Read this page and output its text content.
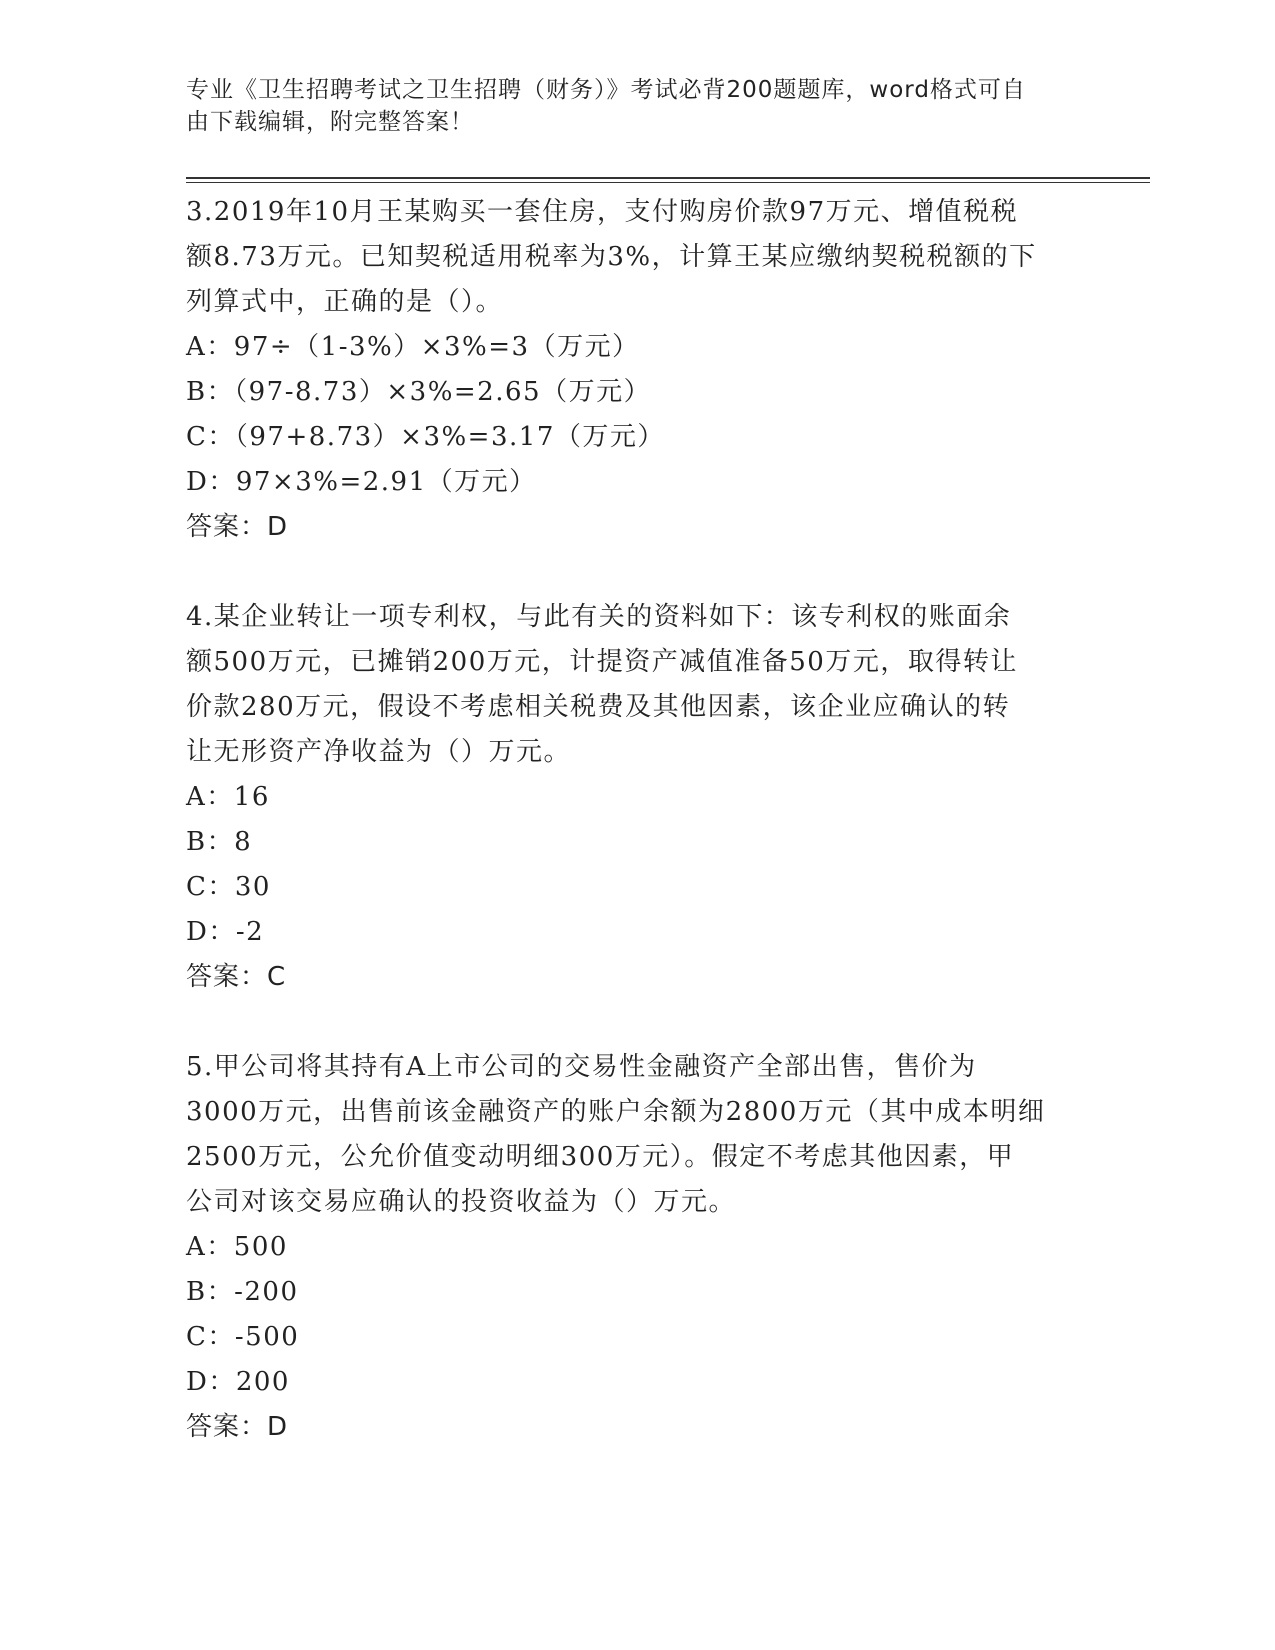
专业《卫生招聘考试之卫生招聘（财务）》考试必背200题题库，word格式可自
由下载编辑，附完整答案！

3.2019年10月王某购买一套住房，支付购房价款97万元、增值税税

额8.73万元。已知契税适用税率为3%，计算王某应缴纳契税税额的下

列算式中，正确的是（）。

A：97÷（1-3%）×3%=3（万元）

B：（97-8.73）×3%=2.65（万元）

C：（97+8.73）×3%=3.17（万元）

D：97×3%=2.91（万元）

答案：D

4.某企业转让一项专利权，与此有关的资料如下：该专利权的账面余

额500万元，已摊销200万元，计提资产减值准备50万元，取得转让

价款280万元，假设不考虑相关税费及其他因素，该企业应确认的转

让无形资产净收益为（）万元。

A：16

B：8

C：30

D：-2

答案：C

5.甲公司将其持有A上市公司的交易性金融资产全部出售，售价为

3000万元，出售前该金融资产的账户余额为2800万元（其中成本明细

2500万元，公允价值变动明细300万元）。假定不考虑其他因素，甲

公司对该交易应确认的投资收益为（）万元。

A：500

B：-200

C：-500

D：200

答案：D
